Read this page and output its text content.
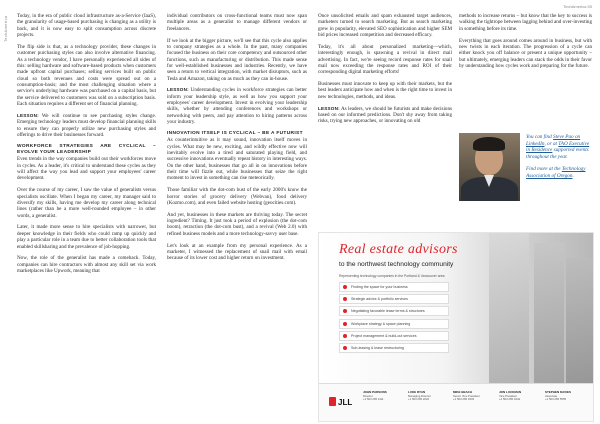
TechAmerica
TechAmerica 55

Today, in the era of public cloud infrastructure as-a-Service (IaaS), the granularity of usage-based purchasing is changing as a utility is back, and it is now easy to split consumption across discrete projects.

The flip side is that, as a technology provider, these changes in customer purchasing styles can also involve alternative financing. As a technology vendor, I have personally experienced all sides of this: selling hardware and software-based products when customers made upfront capital purchases; selling services built on public cloud so both revenues and costs were spread out on a consumption-basis; and the most challenging situation where a service's underlying hardware was purchased on a capital basis, but the service delivered to customers was sold on a subscription basis. Each situation requires a different set of financial planning.

LESSON: We will continue to see purchasing styles change. Emerging technology leaders must develop financial planning skills to ensure they can properly utilize new purchasing styles and offerings to drive their businesses forward.

WORKFORCE STRATEGIES ARE CYCLICAL – EVOLVE YOUR LEADERSHIP

Even trends in the way companies build out their workforces move in cycles. As a leader, it's critical to understand these cycles as they will affect the way you lead and support your employees' career development.

Over the course of my career, I saw the value of generalists versus specialists oscillate. When I began my career, my manager said to diversify my skills, having me develop my career along technical lines (rather than be a more well-rounded employee – in other words, a generalist.

Later, it made more sense to hire specialists with narrower, but deeper knowledge in their fields who could ramp up quickly and play a particular role in a team due to better collaboration tools that enabled skillsharing and the prevalence of job-hopping.

Now, the role of the generalist has made a comeback. Today, companies can hire contractors with almost any skill set via work marketplaces like Upwork, meaning that

individual contributors on cross-functional teams must now span multiple areas as a generalist to manage different vendors or freelancers.

If we look at the bigger picture, we'll see that this cycle also applies to company strategies as a whole. In the past, many companies focused the business on their core competency and outsourced other functions, such as manufacturing or distribution. This made sense for well-established businesses and industries. Recently, we have seen a return to vertical integration, with market disruptors, such as Tesla and Amazon, taking on as much as they can in-house.

LESSON: Understanding cycles in workforce strategies can better inform your leadership style, as well as how you support your employees' career development. Invest in evolving your leadership skills, whether by attending conferences and workshops or networking with peers, and pay attention to hiring patterns across your industry.

INNOVATION ITSELF IS CYCLICAL – BE A FUTURIST

As counterintuitive as it may sound, innovation itself moves in cycles. What may be new, exciting, and wildly effective now will inevitably evolve into a tired and saturated playing field, and successive innovations eventually repeat history in interesting ways. On the other hand, businesses that go all in on innovations before their time will fizzle out, while businesses that seize the right moment to invest in something can rise meteorically.

Those familiar with the dot-com bust of the early 2000's know the horror stories of grocery delivery (Webvan), food delivery (Kozmo.com), and even failed website hosting (geocities.com).

And yet, businesses in these markets are thriving today. The secret ingredient? Timing. It just took a period of explosion (the dot-com boom), retraction (the dot-com bust), and a revival (Web 2.0) with refined business models and a more technology-savvy user base.

Let's look at an example from my personal experience. As a marketer, I witnessed the replacement of snail mail with email because of its lower cost and higher return on investment.

Once unsolicited emails and spam exhausted target audiences, marketers turned to search marketing. But as search marketing grew in popularity, elevated SEO sophistication and higher SEM bid prices increased competition and decreased efficacy.

Today, it's all about personalized marketing—which, interestingly enough, is spawning a revival in direct mail advertising. In fact, we're seeing record response rates for snail mail now exceeding the response rates and ROI of their corresponding digital marketing efforts!

Businesses must innovate to keep up with their markets, but the best leaders anticipate how and when is the right time to invest in new technologies, methods, and ideas.

LESSON: As leaders, we should be futurists and make decisions based on our informed predictions. Don't shy away from taking risks, trying new approaches, or innovating on old

methods to increase returns – but know that the key to success is walking the tightrope between lagging behind and over-investing in something before its time.

Everything that goes around comes around in business, but with new twists in each iteration. The progression of a cycle can either knock you off balance or present a unique opportunity – but ultimately, emerging leaders can stack the odds in their favor by understanding how cycles work and preparing for the future.

You can find Steve Pao on LinkedIn, or at TAO Executive in Residence supported events throughout the year.

Find more at the Technology Association of Oregon.

Real estate advisors
to the northwest technology community
Representing technology companies in the Portland & Vancouver area
Finding the space for your business
Strategic advice & portfolio services
Negotiating favorable lease terms & structures
Workplace strategy & space planning
Project management & build-out services
Sub-leasing & lease restructuring
JLL
JOHN PARSONS
Director
+1 503 265 1111
LUKE RYAN
Managing Director
+1 503 265 2222
MIKE BEACH
Senior Vice President
+1 503 265 3333
JON LUCKMAN
Vice President
+1 503 265 4444
STEPHEN DAVIES
Associate
+1 503 265 5555
